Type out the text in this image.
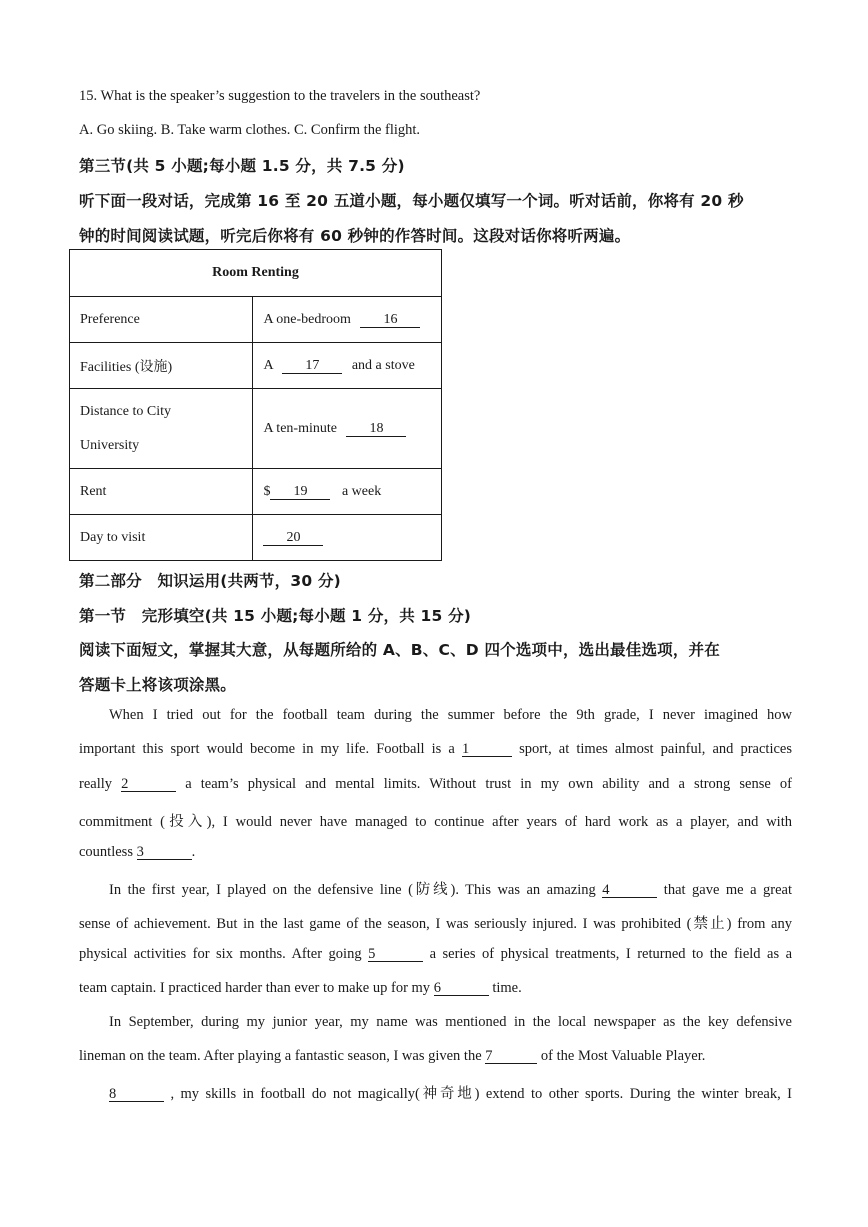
15. What is the speaker’s suggestion to the travelers in the southeast?
A. Go skiing. B. Take warm clothes. C. Confirm the flight.
第三节(共 5 小题;每小题 1.5 分，共 7.5 分)
听下面一段对话，完成第 16 至 20 五道小题，每小题仅填写一个词。听对话前，你将有 20 秒
钟的时间阅读试题，听完后你将有 60 秒钟的作答时间。这段对话你将听两遍。
Room Renting	
Preference	A one-bedroom 16
Facilities (设施)	A 17 and a stove
Distance to City
University	A ten-minute 18
Rent	$ 19 a week
Day to visit	20
第二部分　知识运用(共两节，30 分)
第一节　完形填空(共 15 小题;每小题 1 分，共 15 分)
阅读下面短文，掌握其大意，从每题所给的 A、B、C、D 四个选项中，选出最佳选项，并在
答题卡上将该项涂黑。
When I tried out for the football team during the summer before the 9th grade, I never imagined how
important this sport would become in my life. Football is a 1	sport, at times almost painful, and practices
really 2	a team’s physical and mental limits. Without trust in my own ability and a strong sense of
commitment (投入), I would never have managed to continue after years of hard work as a player, and with
countless 3	.
In the first year, I played on the defensive line (防线). This was an amazing 4	that gave me a great
sense of achievement. But in the last game of the season, I was seriously injured. I was prohibited (禁止) from any
physical activities for six months. After going 5	a series of physical treatments, I returned to the field as a
team captain. I practiced harder than ever to make up for my 6	time.
In September, during my junior year, my name was mentioned in the local newspaper as the key defensive
lineman on the team. After playing a fantastic season, I was given the 7	of the Most Valuable Player.
8	, my skills in football do not magically(神奇地) extend to other sports. During the winter break, I
